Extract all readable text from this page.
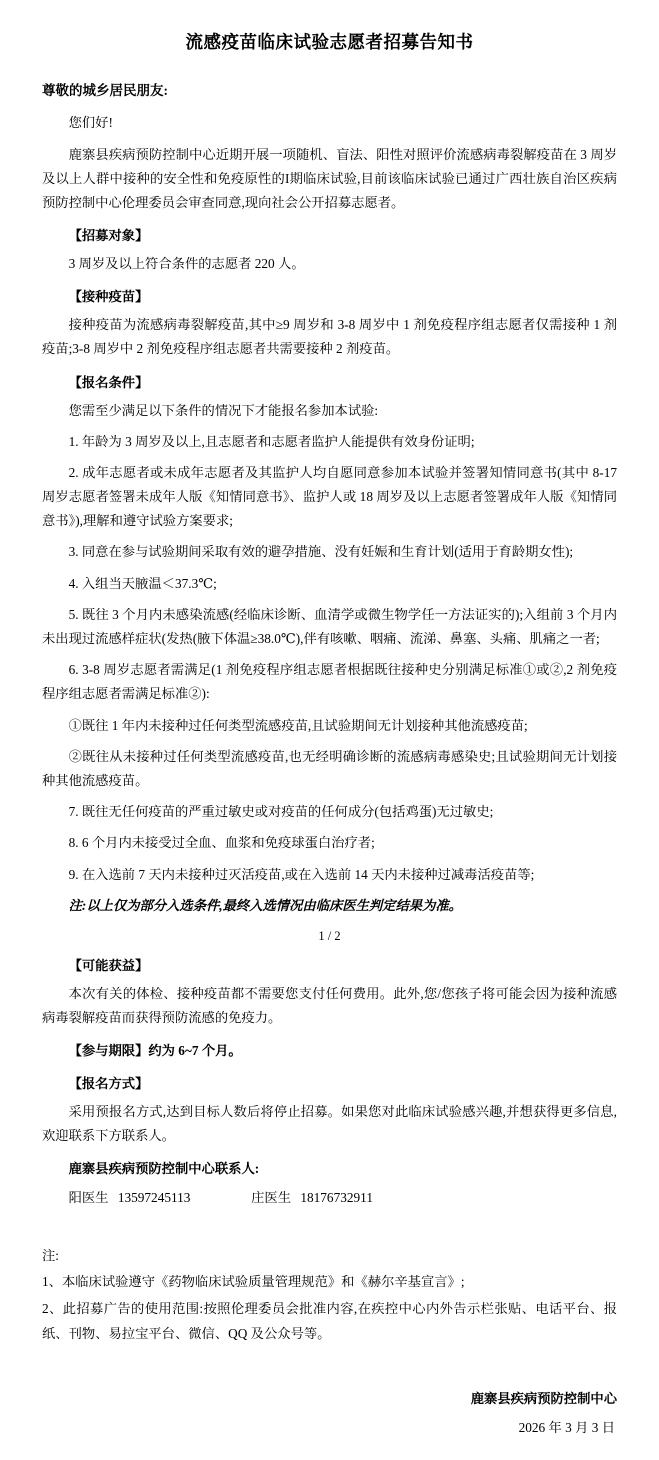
流感疫苗临床试验志愿者招募告知书

尊敬的城乡居民朋友:

您们好!

鹿寨县疾病预防控制中心近期开展一项随机、盲法、阳性对照评价流感病毒裂解疫苗在 3 周岁及以上人群中接种的安全性和免疫原性的I期临床试验,目前该临床试验已通过广西壮族自治区疾病预防控制中心伦理委员会审查同意,现向社会公开招募志愿者。

【招募对象】

3 周岁及以上符合条件的志愿者 220 人。

【接种疫苗】

接种疫苗为流感病毒裂解疫苗,其中≥9 周岁和 3-8 周岁中 1 剂免疫程序组志愿者仅需接种 1 剂疫苗;3-8 周岁中 2 剂免疫程序组志愿者共需要接种 2 剂疫苗。

【报名条件】

您需至少满足以下条件的情况下才能报名参加本试验:

1. 年龄为 3 周岁及以上,且志愿者和志愿者监护人能提供有效身份证明;

2. 成年志愿者或未成年志愿者及其监护人均自愿同意参加本试验并签署知情同意书(其中 8-17 周岁志愿者签署未成年人版《知情同意书》、监护人或 18 周岁及以上志愿者签署成年人版《知情同意书》),理解和遵守试验方案要求;

3. 同意在参与试验期间采取有效的避孕措施、没有妊娠和生育计划(适用于育龄期女性);

4. 入组当天腋温＜37.3℃;

5. 既往 3 个月内未感染流感(经临床诊断、血清学或微生物学任一方法证实的);入组前 3 个月内未出现过流感样症状(发热(腋下体温≥38.0℃),伴有咳嗽、咽痛、流涕、鼻塞、头痛、肌痛之一者;

6. 3-8 周岁志愿者需满足(1 剂免疫程序组志愿者根据既往接种史分别满足标准①或②,2 剂免疫程序组志愿者需满足标准②):

①既往 1 年内未接种过任何类型流感疫苗,且试验期间无计划接种其他流感疫苗;

②既往从未接种过任何类型流感疫苗,也无经明确诊断的流感病毒感染史;且试验期间无计划接种其他流感疫苗。

7. 既往无任何疫苗的严重过敏史或对疫苗的任何成分(包括鸡蛋)无过敏史;

8. 6 个月内未接受过全血、血浆和免疫球蛋白治疗者;

9. 在入选前 7 天内未接种过灭活疫苗,或在入选前 14 天内未接种过减毒活疫苗等;

注:以上仅为部分入选条件,最终入选情况由临床医生判定结果为准。

1 / 2

【可能获益】

本次有关的体检、接种疫苗都不需要您支付任何费用。此外,您/您孩子将可能会因为接种流感病毒裂解疫苗而获得预防流感的免疫力。

【参与期限】约为 6~7 个月。

【报名方式】

采用预报名方式,达到目标人数后将停止招募。如果您对此临床试验感兴趣,并想获得更多信息,欢迎联系下方联系人。

鹿寨县疾病预防控制中心联系人:

阳医生 13597245113	庄医生 18176732911

注:

1、本临床试验遵守《药物临床试验质量管理规范》和《赫尔辛基宣言》;

2、此招募广告的使用范围:按照伦理委员会批准内容,在疾控中心内外告示栏张贴、电话平台、报纸、刊物、易拉宝平台、微信、QQ 及公众号等。

鹿寨县疾病预防控制中心
2026 年 3 月 3 日
